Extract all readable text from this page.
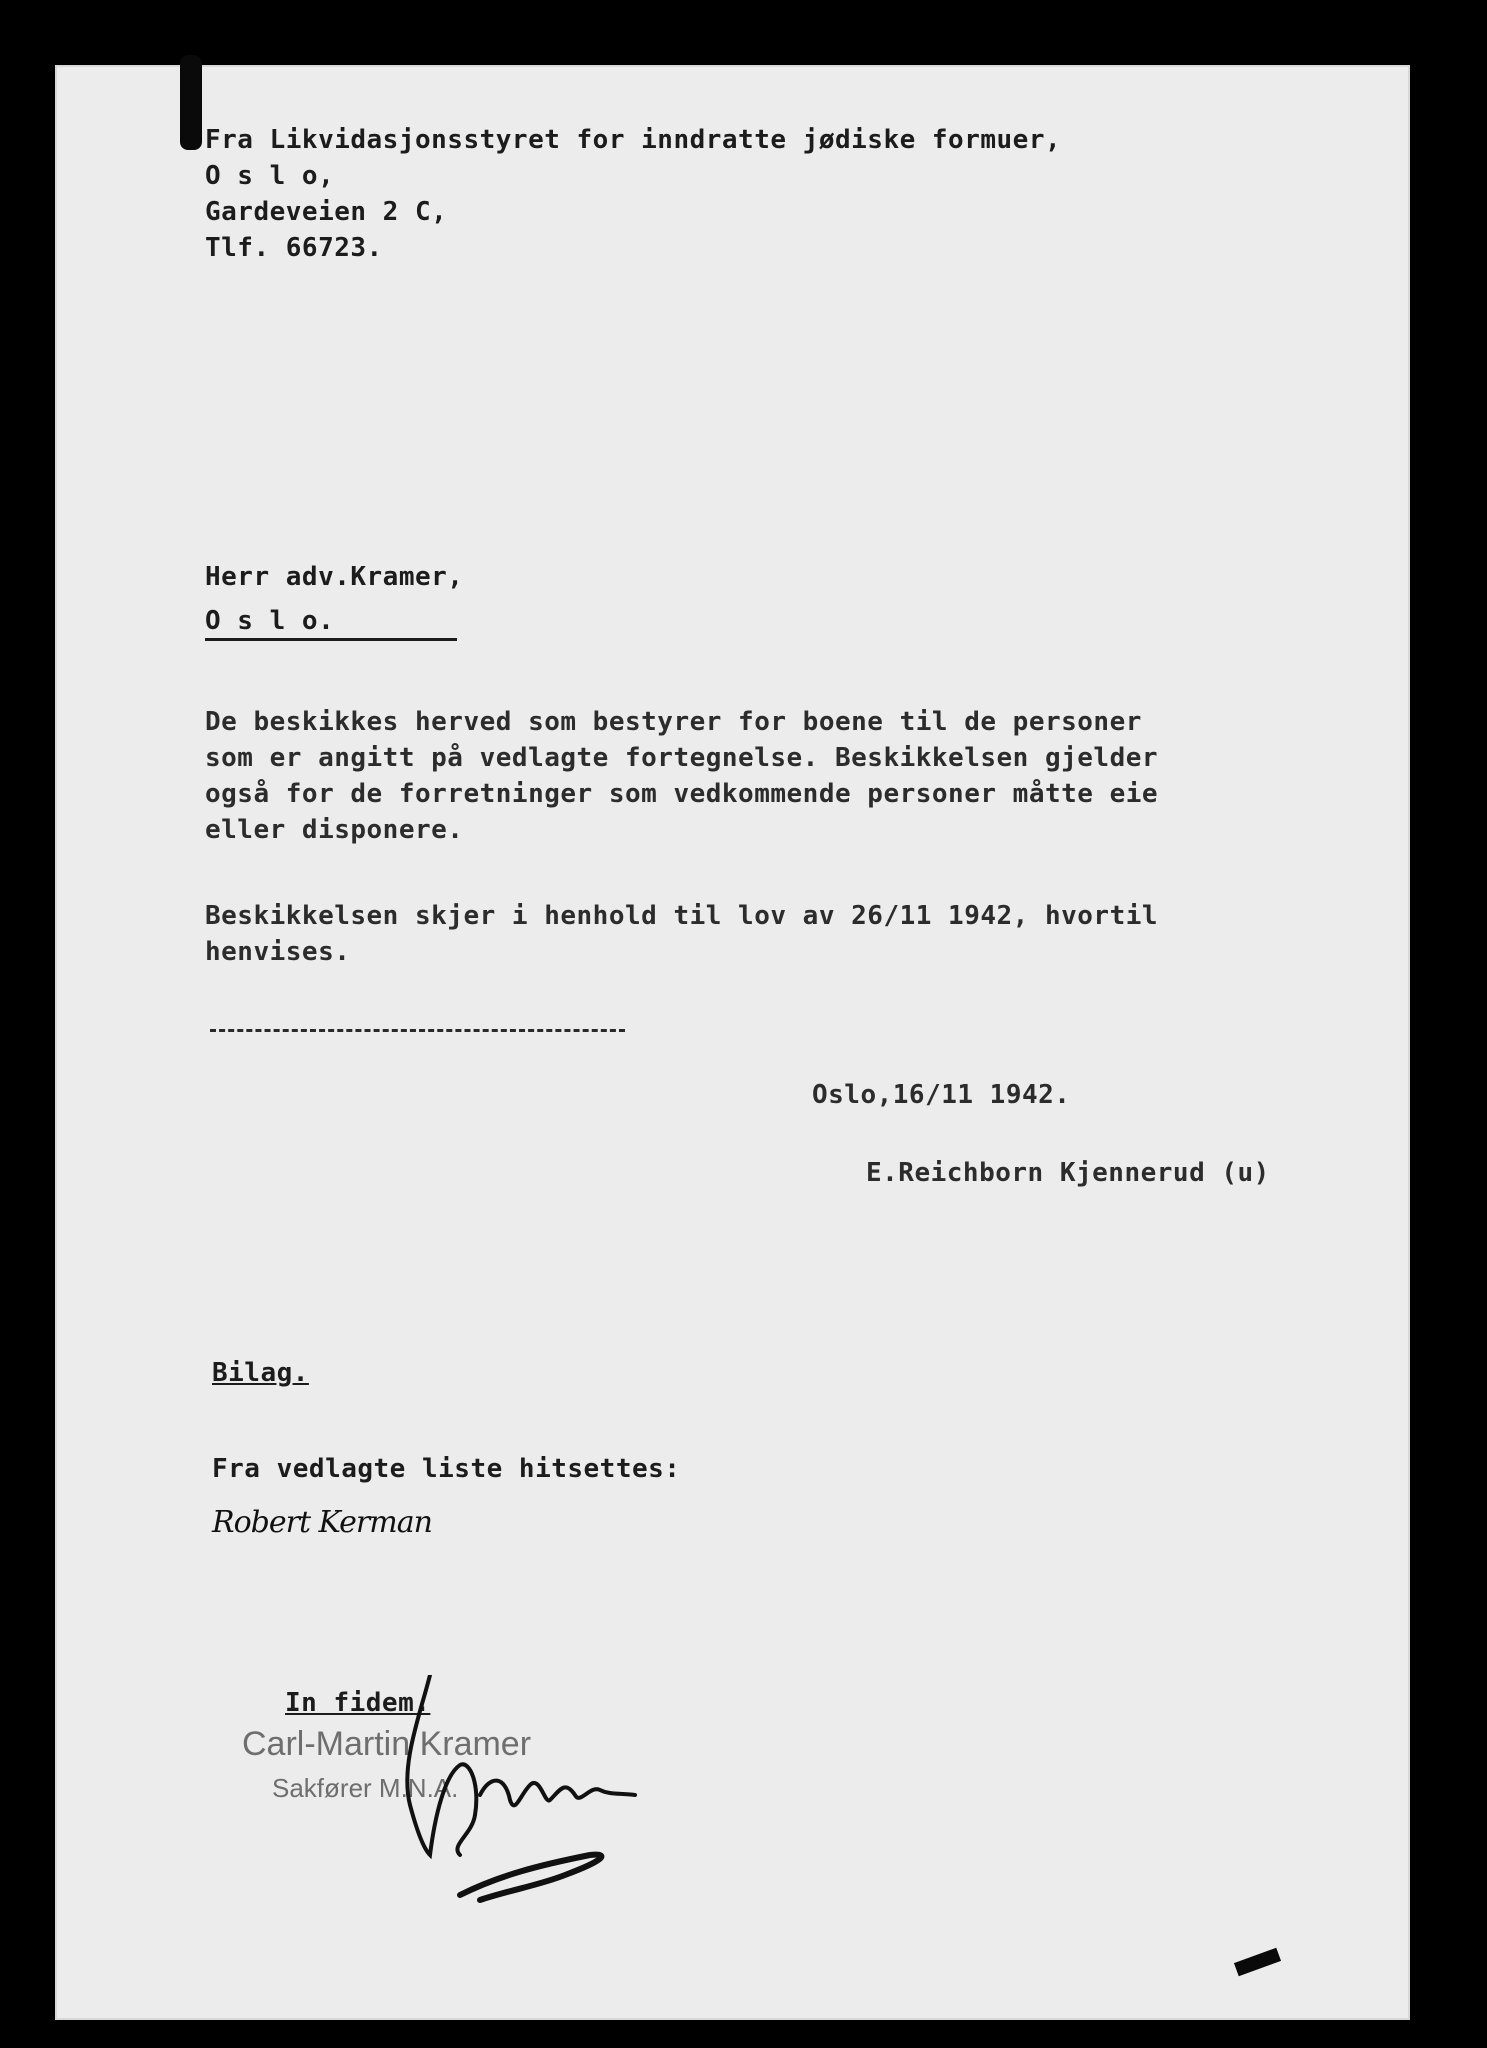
Fra Likvidasjonsstyret for inndratte jødiske formuer,
O s l o,
Gardeveien 2 C,
Tlf. 66723.
Herr adv.Kramer,
O s l o.
De beskikkes herved som bestyrer for boene til de personer
som er angitt på vedlagte fortegnelse. Beskikkelsen gjelder
også for de forretninger som vedkommende personer måtte eie
eller disponere.
Beskikkelsen skjer i henhold til lov av 26/11 1942, hvortil
henvises.
Oslo,16/11 1942.
E.Reichborn Kjennerud (u)
Bilag.
Fra vedlagte liste hitsettes:
Robert Kerman
In fidem.
Carl-Martin Kramer
Sakfører M.N.A.
